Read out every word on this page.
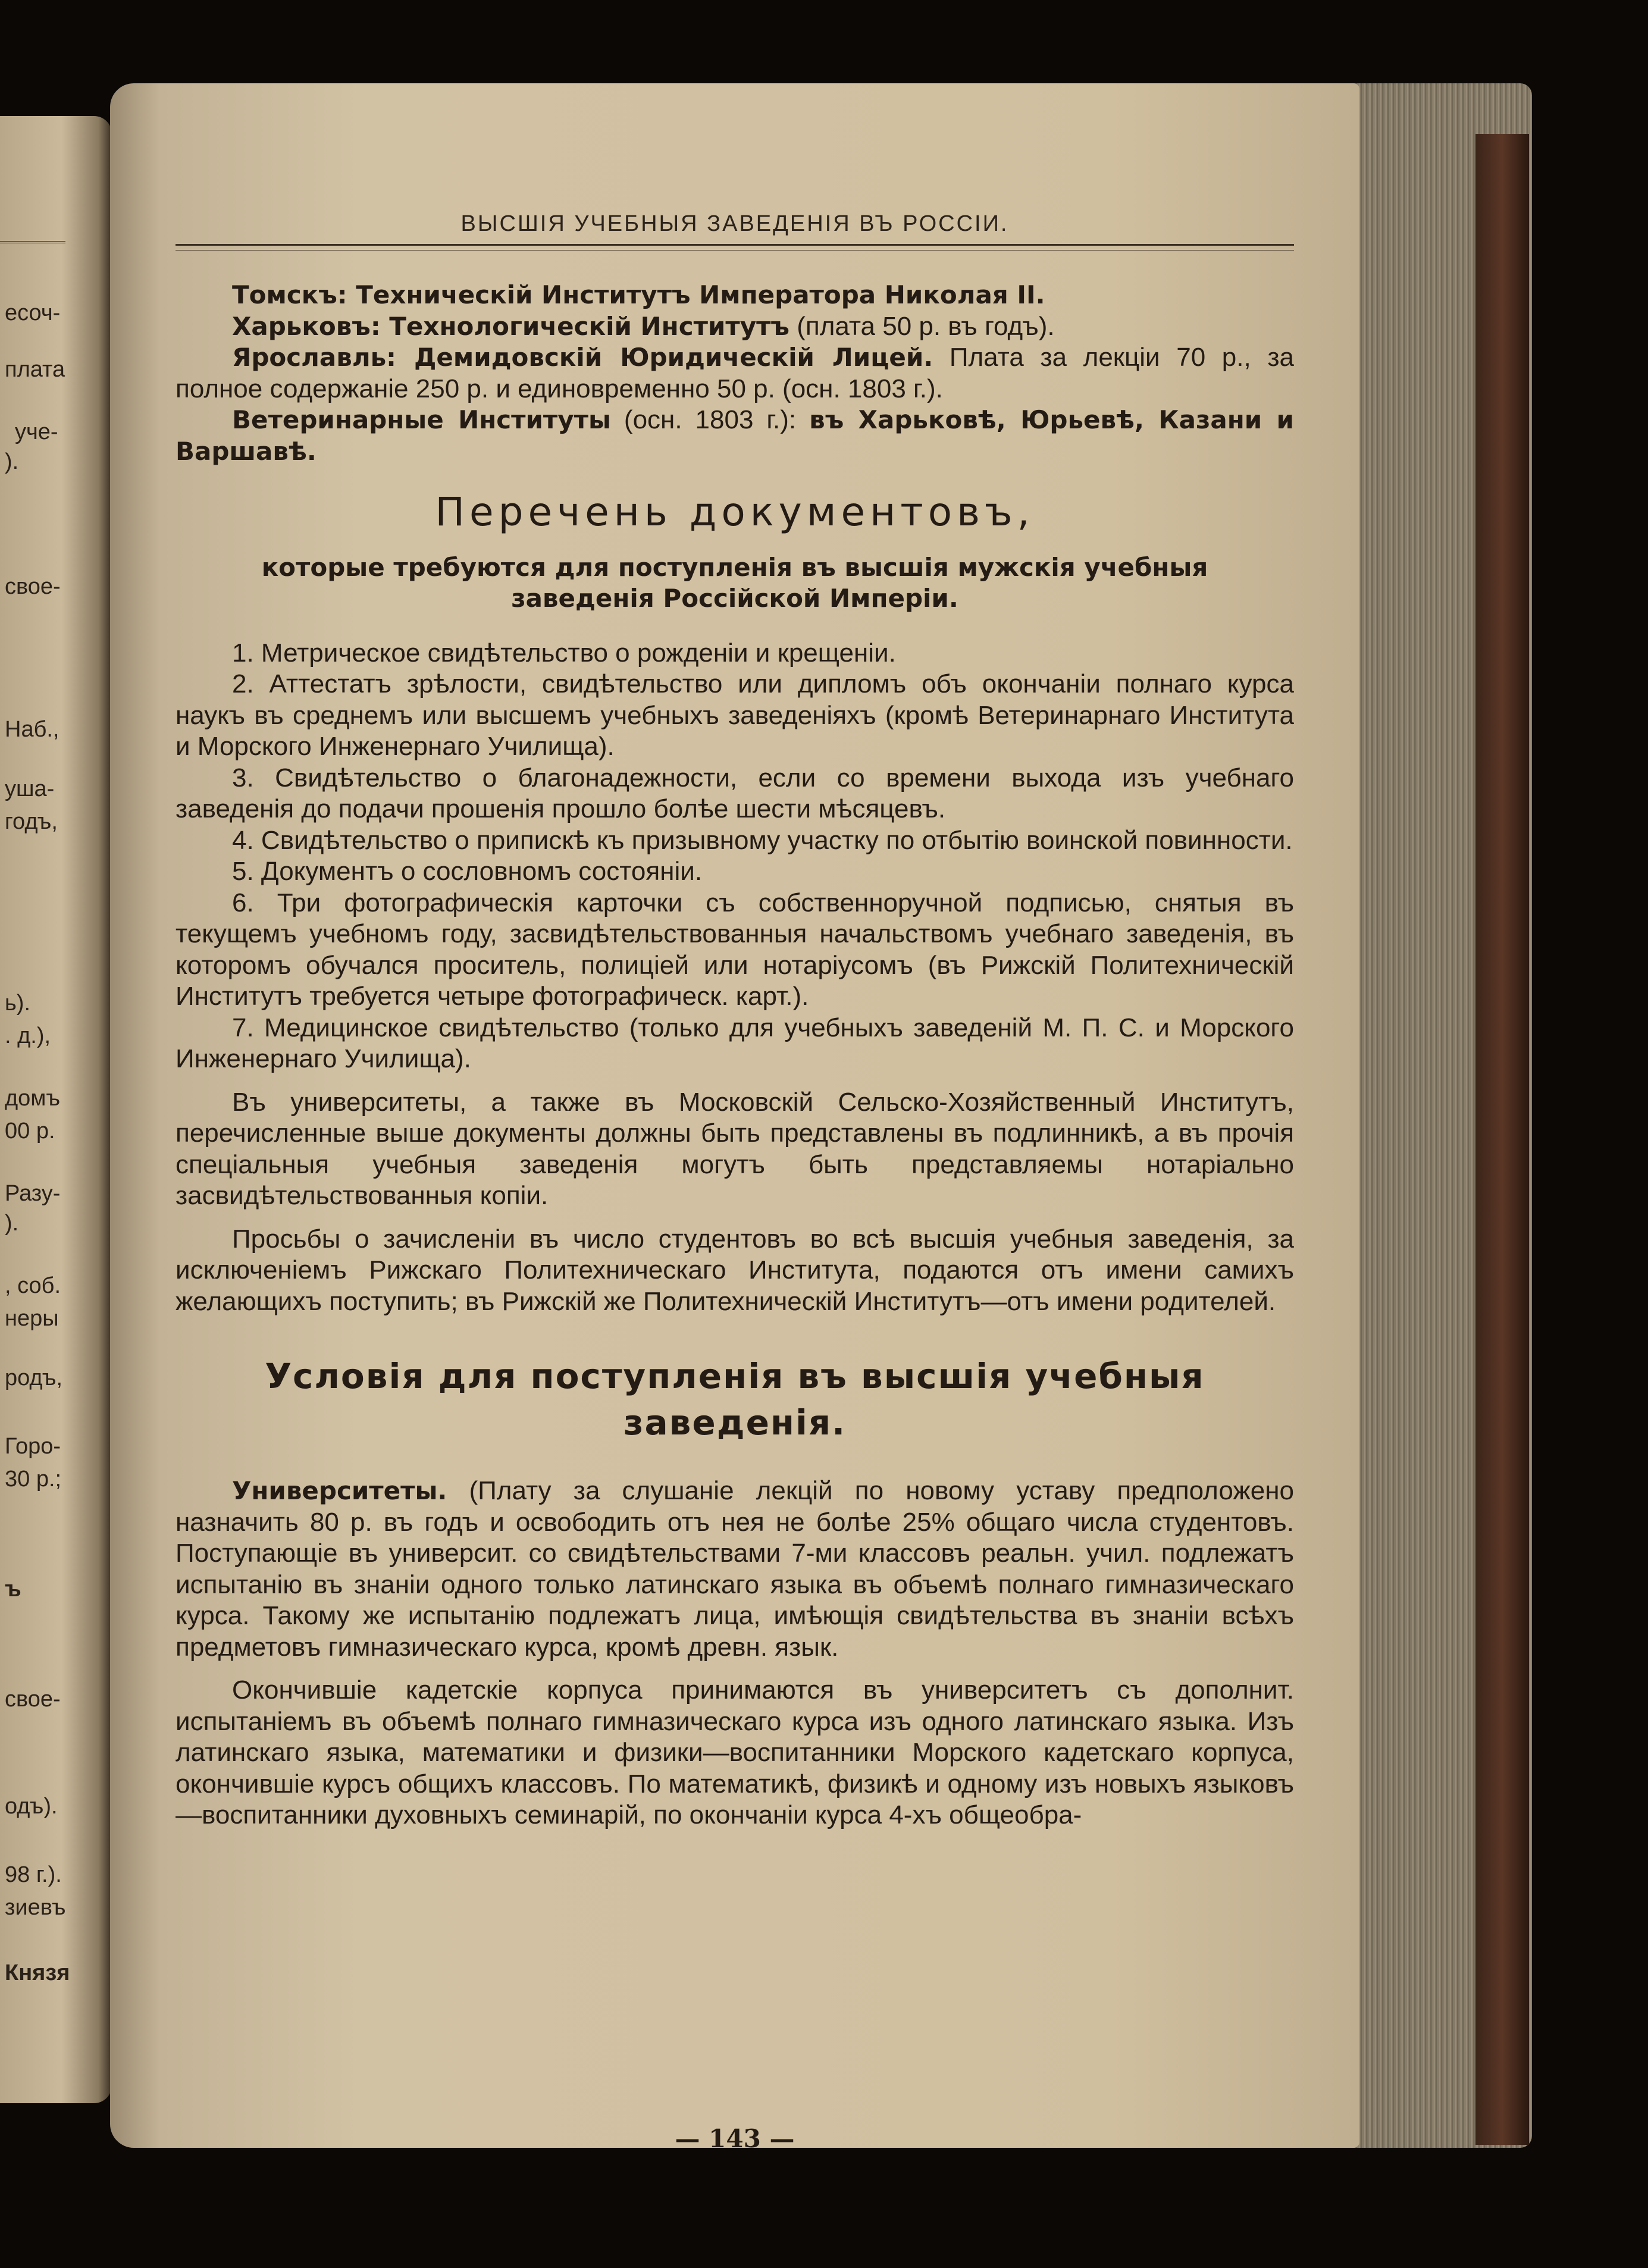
есоч-
плата
уче-
).
свое-
Наб.,
уша-
годъ,
ь).
. д.),
домъ
00 р.
Разу-
).
, соб.
неры
родъ,
Горо-
30 р.;
ъ
свое-
одъ).
98 г.).
зиевъ
Князя
ВЫСШІЯ УЧЕБНЫЯ ЗАВЕДЕНІЯ ВЪ РОССІИ.

Томскъ: Техническій Институтъ Императора Николая II.

Харьковъ: Технологическій Институтъ (плата 50 р. въ годъ).

Ярославль: Демидовскій Юридическій Лицей. Плата за лекціи 70 р., за полное содержаніе 250 р. и единовременно 50 р. (осн. 1803 г.).

Ветеринарные Институты (осн. 1803 г.): въ Харьковѣ, Юрьевѣ, Казани и Варшавѣ.

Перечень документовъ,
которые требуются для поступленія въ высшія мужскія учебныя заведенія Россійской Имперіи.

1. Метрическое свидѣтельство о рожденіи и крещеніи.

2. Аттестатъ зрѣлости, свидѣтельство или дипломъ объ окончаніи полнаго курса наукъ въ среднемъ или высшемъ учебныхъ заведеніяхъ (кромѣ Ветеринарнаго Института и Морского Инженернаго Училища).

3. Свидѣтельство о благонадежности, если со времени выхода изъ учебнаго заведенія до подачи прошенія прошло болѣе шести мѣсяцевъ.

4. Свидѣтельство о припискѣ къ призывному участку по отбытію воинской повинности.

5. Документъ о сословномъ состояніи.

6. Три фотографическія карточки съ собственноручной подписью, снятыя въ текущемъ учебномъ году, засвидѣтельствованныя начальствомъ учебнаго заведенія, въ которомъ обучался проситель, полиціей или нотаріусомъ (въ Рижскій Политехническій Институтъ требуется четыре фотографическ. карт.).

7. Медицинское свидѣтельство (только для учебныхъ заведеній М. П. С. и Морского Инженернаго Училища).

Въ университеты, а также въ Московскій Сельско-Хозяйственный Институтъ, перечисленные выше документы должны быть представлены въ подлинникѣ, а въ прочія спеціальныя учебныя заведенія могутъ быть представляемы нотаріально засвидѣтельствованныя копіи.

Просьбы о зачисленіи въ число студентовъ во всѣ высшія учебныя заведенія, за исключеніемъ Рижскаго Политехническаго Института, подаются отъ имени самихъ желающихъ поступить; въ Рижскій же Политехническій Институтъ—отъ имени родителей.

Условія для поступленія въ высшія учебныя заведенія.

Университеты. (Плату за слушаніе лекцій по новому уставу предположено назначить 80 р. въ годъ и освободить отъ нея не болѣе 25% общаго числа студентовъ. Поступающіе въ университ. со свидѣтельствами 7-ми классовъ реальн. учил. подлежатъ испытанію въ знаніи одного только латинскаго языка въ объемѣ полнаго гимназическаго курса. Такому же испытанію подлежатъ лица, имѣющія свидѣтельства въ знаніи всѣхъ предметовъ гимназическаго курса, кромѣ древн. язык.

Окончившіе кадетскіе корпуса принимаются въ университетъ съ дополнит. испытаніемъ въ объемѣ полнаго гимназическаго курса изъ одного латинскаго языка. Изъ латинскаго языка, математики и физики—воспитанники Морского кадетскаго корпуса, окончившіе курсъ общихъ классовъ. По математикѣ, физикѣ и одному изъ новыхъ языковъ—воспитанники духовныхъ семинарій, по окончаніи курса 4-хъ общеобра-

— 143 —
